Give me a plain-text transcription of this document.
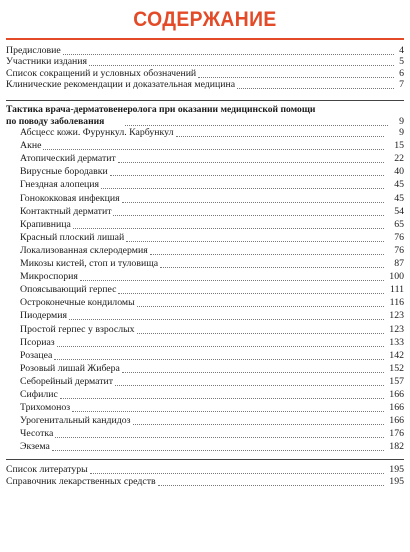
СОДЕРЖАНИЕ
Предисловие	4
Участники издания	5
Список сокращений и условных обозначений	6
Клинические рекомендации и доказательная медицина	7
Тактика врача-дерматовенеролога при оказании медицинской помощи
по поводу заболевания	9
Абсцесс кожи. Фурункул. Карбункул	9
Акне	15
Атопический дерматит	22
Вирусные бородавки	40
Гнездная алопеция	45
Гонококковая инфекция	45
Контактный дерматит	54
Крапивница	65
Красный плоский лишай	76
Локализованная склеродермия	76
Микозы кистей, стоп и туловища	87
Микроспория	100
Опоясывающий герпес	111
Остроконечные кондиломы	116
Пиодермия	123
Простой герпес у взрослых	123
Псориаз	133
Розацеа	142
Розовый лишай Жибера	152
Себорейный дерматит	157
Сифилис	166
Трихомоноз	166
Урогенитальный кандидоз	166
Чесотка	176
Экзема	182
Список литературы	195
Справочник лекарственных средств	195
